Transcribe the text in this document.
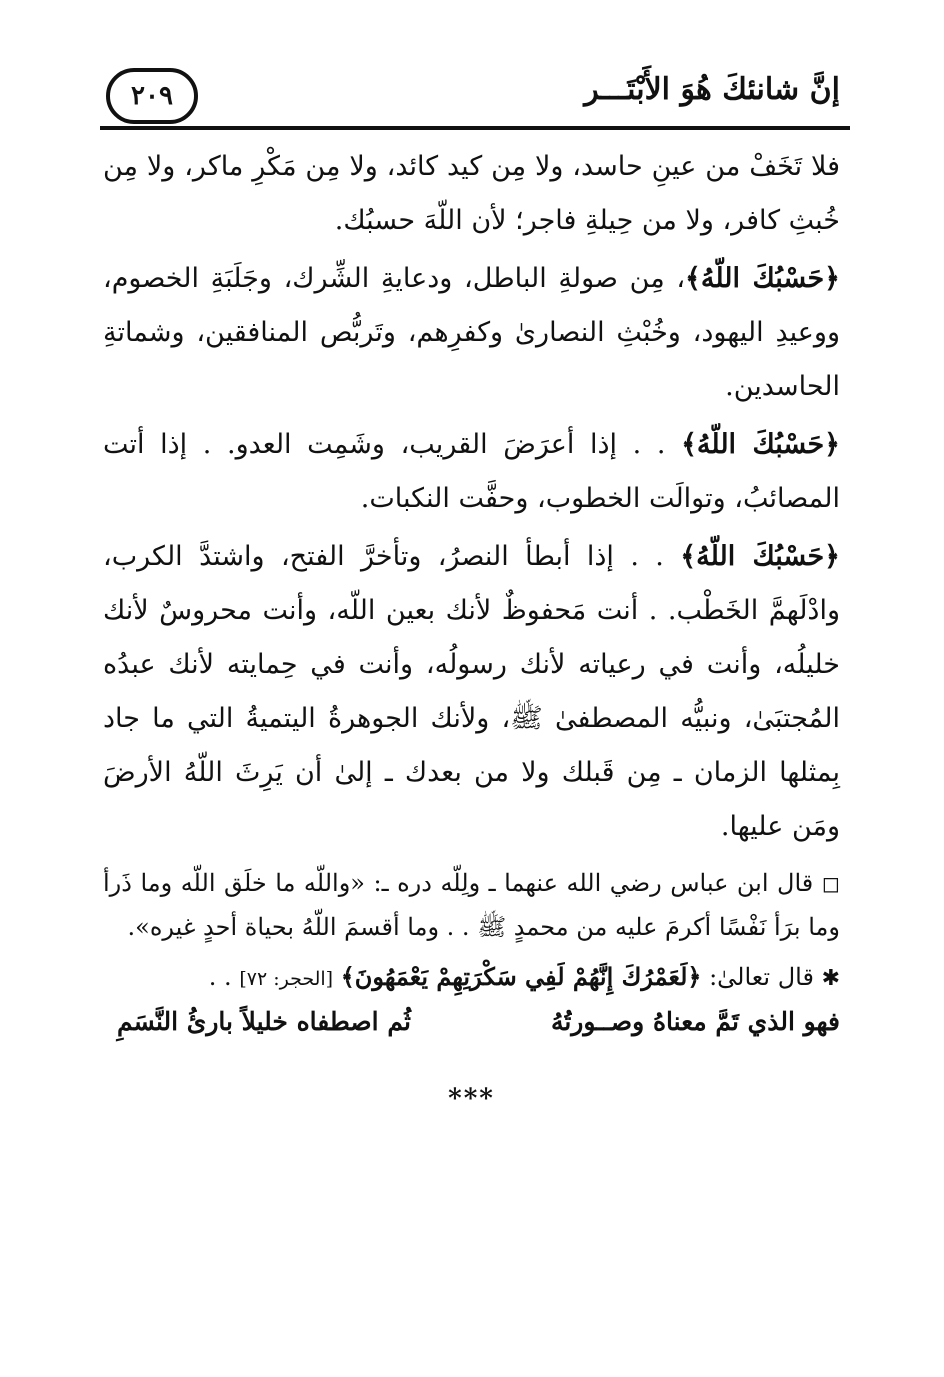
إنَّ شانئكَ هُوَ الأَبْتَـــر
٢٠٩

فلا تَخَفْ من عينِ حاسد، ولا مِن كيد كائد، ولا مِن مَكْرِ ماكر، ولا مِن خُبثِ كافر، ولا من حِيلةِ فاجر؛ لأن اللّهَ حسبُك.

﴿حَسْبُكَ اللّهُ﴾، مِن صولةِ الباطل، ودعايةِ الشِّرك، وجَلَبَةِ الخصوم، ووعيدِ اليهود، وخُبْثِ النصارىٰ وكفرِهم، وتَربُّص المنافقين، وشماتةِ الحاسدين.

﴿حَسْبُكَ اللّهُ﴾ . . إذا أعرَضَ القريب، وشَمِت العدو. . إذا أتت المصائبُ، وتوالَت الخطوب، وحفَّت النكبات.

﴿حَسْبُكَ اللّهُ﴾ . . إذا أبطأ النصرُ، وتأخرَّ الفتح، واشتدَّ الكرب، وادْلَهمَّ الخَطْب. . أنت مَحفوظٌ لأنك بعين اللّه، وأنت محروسٌ لأنك خليلُه، وأنت في رعياته لأنك رسولُه، وأنت في حِمايته لأنك عبدُه المُجتبَىٰ، ونبيُّه المصطفىٰ ﷺ، ولأنك الجوهرةُ اليتميةُ التي ما جاد بِمثلها الزمان ـ مِن قَبلك ولا من بعدك ـ إلىٰ أن يَرِثَ اللّهُ الأرضَ ومَن عليها.

◻ قال ابن عباس رضي الله عنهما ـ ولِلّه دره ـ: «واللّه ما خلَق اللّه وما ذَرأ وما برَأ نَفْسًا أكرمَ عليه من محمدٍ ﷺ . . وما أقسمَ اللّهُ بحياة أحدٍ غيره».

✱ قال تعالىٰ: ﴿لَعَمْرُكَ إِنَّهُمْ لَفِي سَكْرَتِهِمْ يَعْمَهُونَ﴾ [الحجر: ٧٢] . .

فهو الذي تَمَّ معناهُ وصــورتُهُ
ثُم اصطفاه خليلاً بارئُ النَّسَمِ
***
